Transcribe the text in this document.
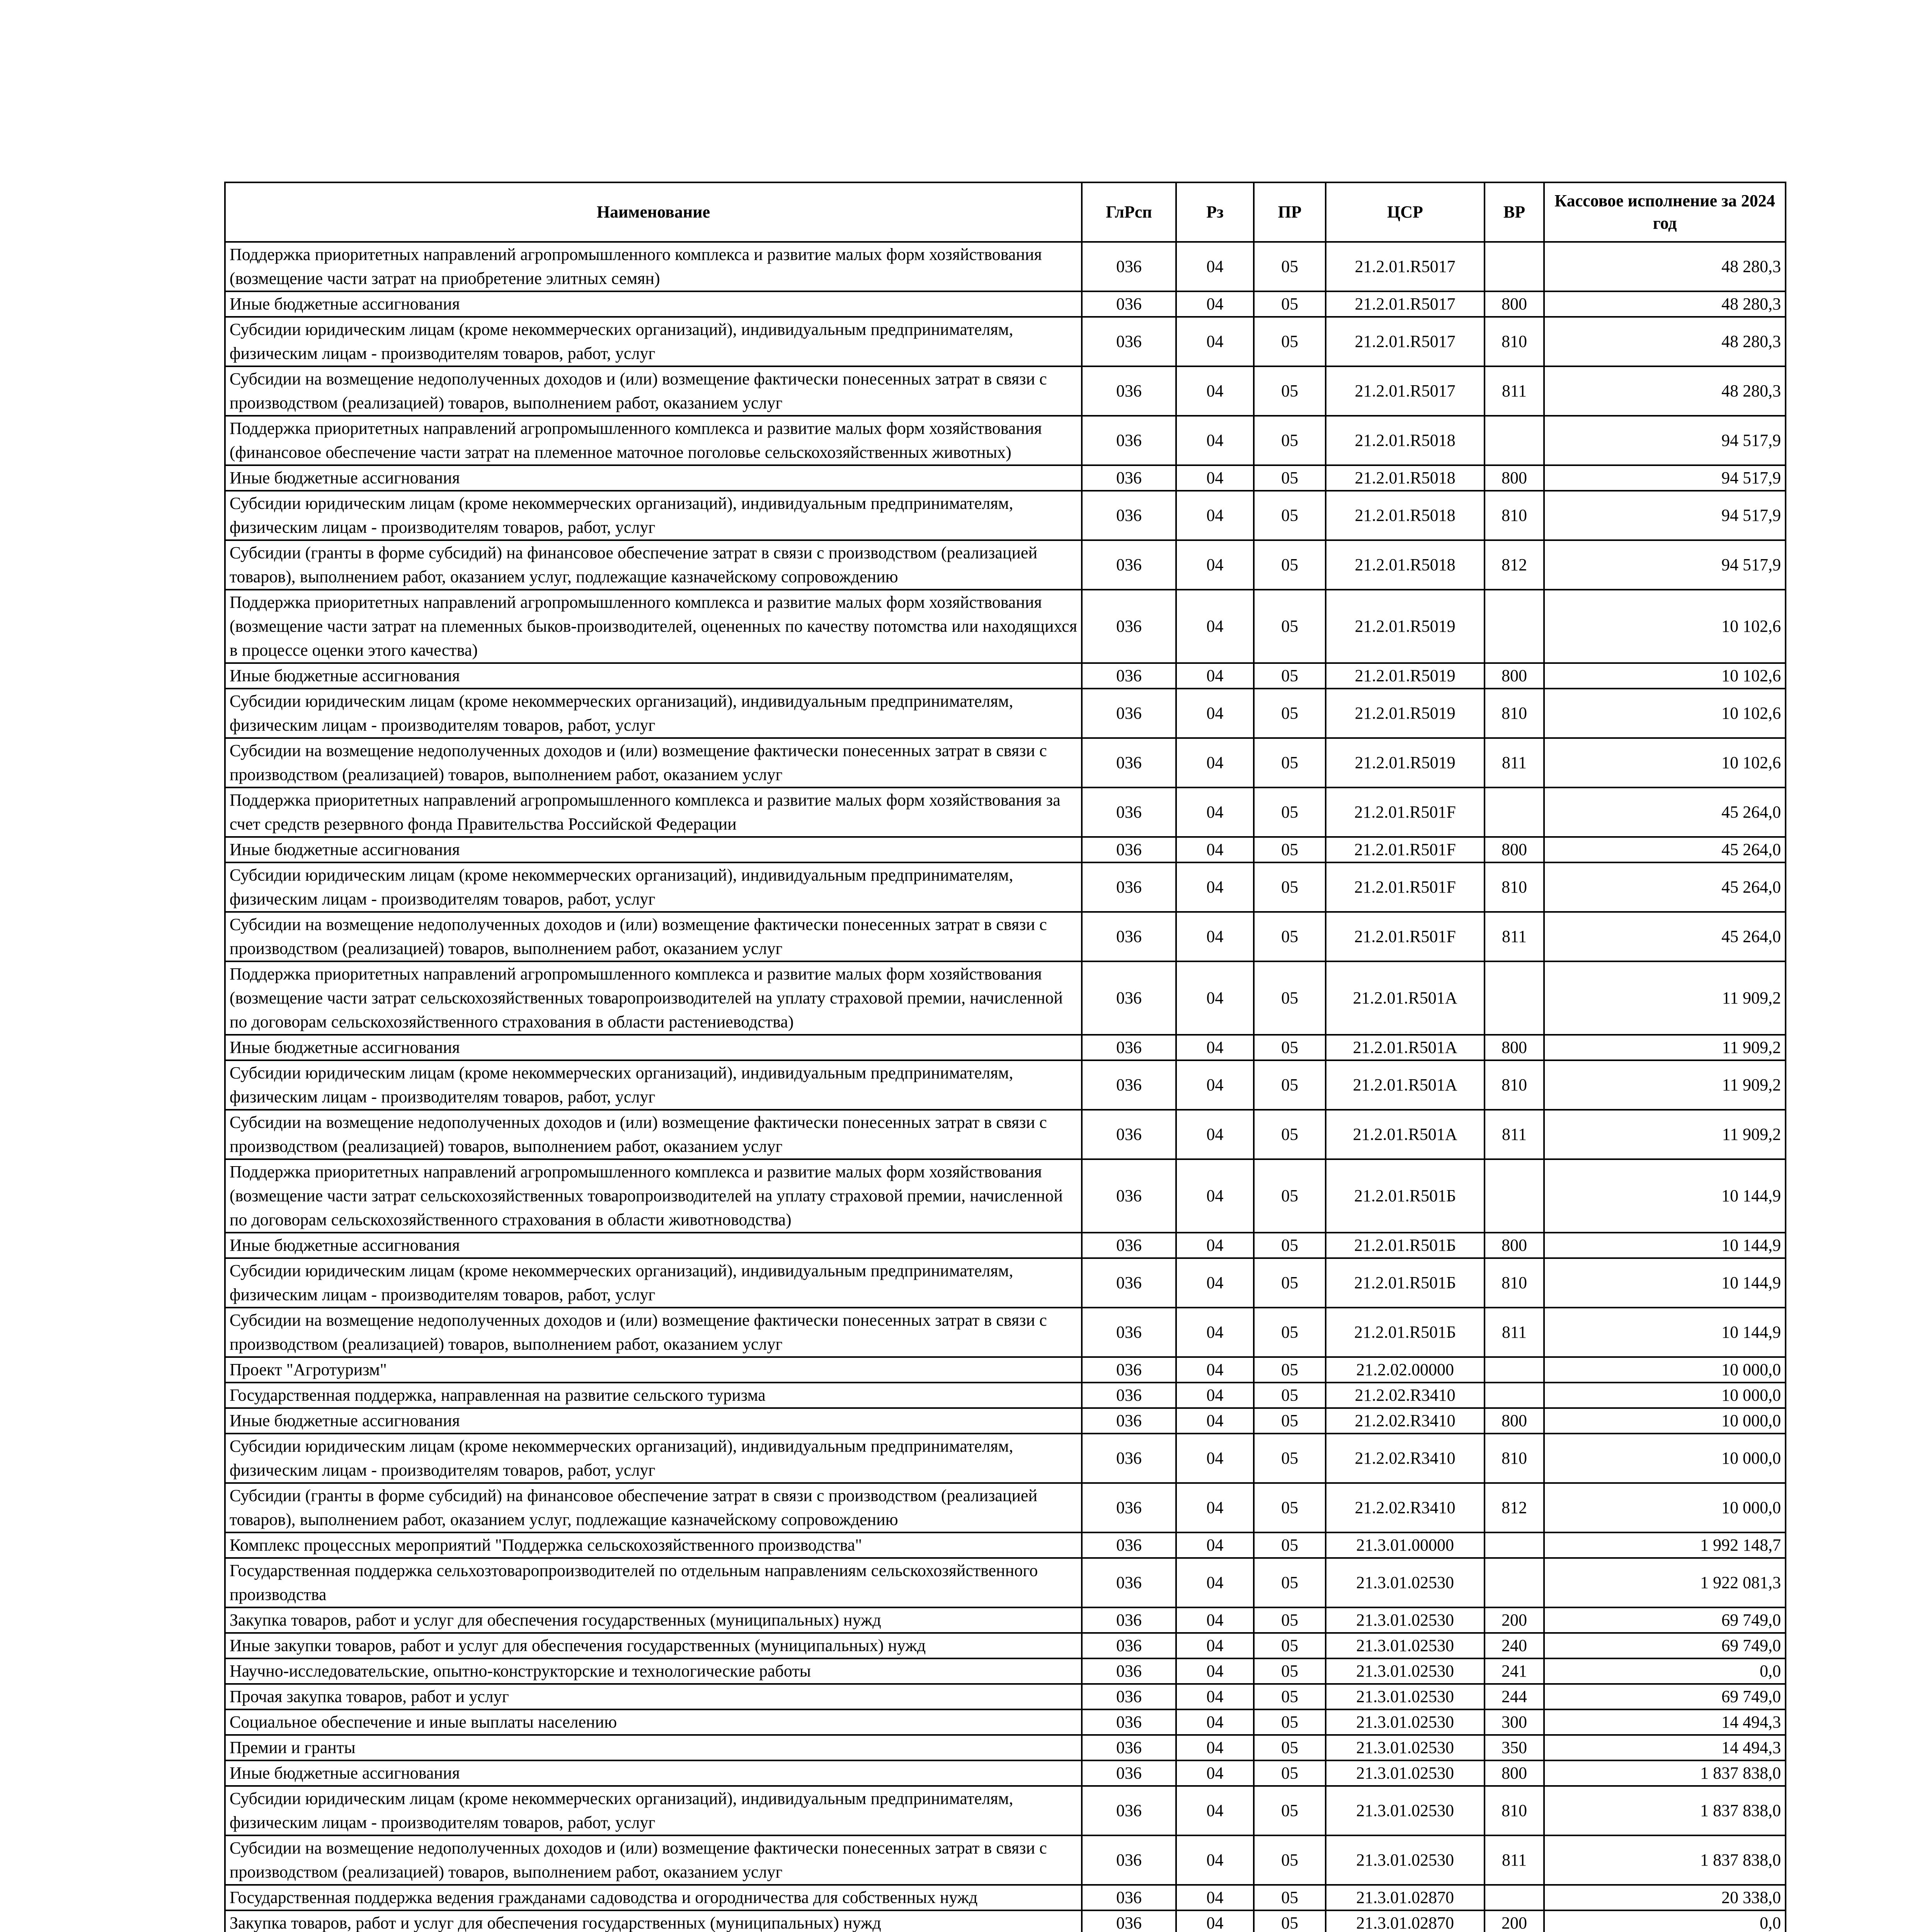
Наименование	ГлРсп	Рз	ПР	ЦСР	ВР	Кассовое исполнение за 2024 год
Поддержка приоритетных направлений агропромышленного комплекса и развитие малых форм хозяйствования (возмещение части затрат на приобретение элитных семян)	036	04	05	21.2.01.R5017		48 280,3
Иные бюджетные ассигнования	036	04	05	21.2.01.R5017	800	48 280,3
Субсидии юридическим лицам (кроме некоммерческих организаций), индивидуальным предпринимателям, физическим лицам - производителям товаров, работ, услуг	036	04	05	21.2.01.R5017	810	48 280,3
Субсидии на возмещение недополученных доходов и (или) возмещение фактически понесенных затрат в связи с производством (реализацией) товаров, выполнением работ, оказанием услуг	036	04	05	21.2.01.R5017	811	48 280,3
Поддержка приоритетных направлений агропромышленного комплекса и развитие малых форм хозяйствования (финансовое обеспечение части затрат на племенное маточное поголовье сельскохозяйственных животных)	036	04	05	21.2.01.R5018		94 517,9
Иные бюджетные ассигнования	036	04	05	21.2.01.R5018	800	94 517,9
Субсидии юридическим лицам (кроме некоммерческих организаций), индивидуальным предпринимателям, физическим лицам - производителям товаров, работ, услуг	036	04	05	21.2.01.R5018	810	94 517,9
Субсидии (гранты в форме субсидий) на финансовое обеспечение затрат в связи с производством (реализацией товаров), выполнением работ, оказанием услуг, подлежащие казначейскому сопровождению	036	04	05	21.2.01.R5018	812	94 517,9
Поддержка приоритетных направлений агропромышленного комплекса и развитие малых форм хозяйствования (возмещение части затрат на племенных быков-производителей, оцененных по качеству потомства или находящихся в процессе оценки этого качества)	036	04	05	21.2.01.R5019		10 102,6
Иные бюджетные ассигнования	036	04	05	21.2.01.R5019	800	10 102,6
Субсидии юридическим лицам (кроме некоммерческих организаций), индивидуальным предпринимателям, физическим лицам - производителям товаров, работ, услуг	036	04	05	21.2.01.R5019	810	10 102,6
Субсидии на возмещение недополученных доходов и (или) возмещение фактически понесенных затрат в связи с производством (реализацией) товаров, выполнением работ, оказанием услуг	036	04	05	21.2.01.R5019	811	10 102,6
Поддержка приоритетных направлений агропромышленного комплекса и развитие малых форм хозяйствования за счет средств резервного фонда Правительства Российской Федерации	036	04	05	21.2.01.R501F		45 264,0
Иные бюджетные ассигнования	036	04	05	21.2.01.R501F	800	45 264,0
Субсидии юридическим лицам (кроме некоммерческих организаций), индивидуальным предпринимателям, физическим лицам - производителям товаров, работ, услуг	036	04	05	21.2.01.R501F	810	45 264,0
Субсидии на возмещение недополученных доходов и (или) возмещение фактически понесенных затрат в связи с производством (реализацией) товаров, выполнением работ, оказанием услуг	036	04	05	21.2.01.R501F	811	45 264,0
Поддержка приоритетных направлений агропромышленного комплекса и развитие малых форм хозяйствования (возмещение части затрат сельскохозяйственных товаропроизводителей на уплату страховой премии, начисленной по договорам сельскохозяйственного страхования в области растениеводства)	036	04	05	21.2.01.R501A		11 909,2
Иные бюджетные ассигнования	036	04	05	21.2.01.R501A	800	11 909,2
Субсидии юридическим лицам (кроме некоммерческих организаций), индивидуальным предпринимателям, физическим лицам - производителям товаров, работ, услуг	036	04	05	21.2.01.R501A	810	11 909,2
Субсидии на возмещение недополученных доходов и (или) возмещение фактически понесенных затрат в связи с производством (реализацией) товаров, выполнением работ, оказанием услуг	036	04	05	21.2.01.R501A	811	11 909,2
Поддержка приоритетных направлений агропромышленного комплекса и развитие малых форм хозяйствования (возмещение части затрат сельскохозяйственных товаропроизводителей на уплату страховой премии, начисленной по договорам сельскохозяйственного страхования в области животноводства)	036	04	05	21.2.01.R501Б		10 144,9
Иные бюджетные ассигнования	036	04	05	21.2.01.R501Б	800	10 144,9
Субсидии юридическим лицам (кроме некоммерческих организаций), индивидуальным предпринимателям, физическим лицам - производителям товаров, работ, услуг	036	04	05	21.2.01.R501Б	810	10 144,9
Субсидии на возмещение недополученных доходов и (или) возмещение фактически понесенных затрат в связи с производством (реализацией) товаров, выполнением работ, оказанием услуг	036	04	05	21.2.01.R501Б	811	10 144,9
Проект "Агротуризм"	036	04	05	21.2.02.00000		10 000,0
Государственная поддержка, направленная на развитие сельского туризма	036	04	05	21.2.02.R3410		10 000,0
Иные бюджетные ассигнования	036	04	05	21.2.02.R3410	800	10 000,0
Субсидии юридическим лицам (кроме некоммерческих организаций), индивидуальным предпринимателям, физическим лицам - производителям товаров, работ, услуг	036	04	05	21.2.02.R3410	810	10 000,0
Субсидии (гранты в форме субсидий) на финансовое обеспечение затрат в связи с производством (реализацией товаров), выполнением работ, оказанием услуг, подлежащие казначейскому сопровождению	036	04	05	21.2.02.R3410	812	10 000,0
Комплекс процессных мероприятий "Поддержка сельскохозяйственного производства"	036	04	05	21.3.01.00000		1 992 148,7
Государственная поддержка сельхозтоваропроизводителей по отдельным направлениям сельскохозяйственного производства	036	04	05	21.3.01.02530		1 922 081,3
Закупка товаров, работ и услуг для обеспечения государственных (муниципальных) нужд	036	04	05	21.3.01.02530	200	69 749,0
Иные закупки товаров, работ и услуг для обеспечения государственных (муниципальных) нужд	036	04	05	21.3.01.02530	240	69 749,0
Научно-исследовательские, опытно-конструкторские и технологические работы	036	04	05	21.3.01.02530	241	0,0
Прочая закупка товаров, работ и услуг	036	04	05	21.3.01.02530	244	69 749,0
Социальное обеспечение и иные выплаты населению	036	04	05	21.3.01.02530	300	14 494,3
Премии и гранты	036	04	05	21.3.01.02530	350	14 494,3
Иные бюджетные ассигнования	036	04	05	21.3.01.02530	800	1 837 838,0
Субсидии юридическим лицам (кроме некоммерческих организаций), индивидуальным предпринимателям, физическим лицам - производителям товаров, работ, услуг	036	04	05	21.3.01.02530	810	1 837 838,0
Субсидии на возмещение недополученных доходов и (или) возмещение фактически понесенных затрат в связи с производством (реализацией) товаров, выполнением работ, оказанием услуг	036	04	05	21.3.01.02530	811	1 837 838,0
Государственная поддержка ведения гражданами садоводства и огородничества для собственных нужд	036	04	05	21.3.01.02870		20 338,0
Закупка товаров, работ и услуг для обеспечения государственных (муниципальных) нужд	036	04	05	21.3.01.02870	200	0,0
